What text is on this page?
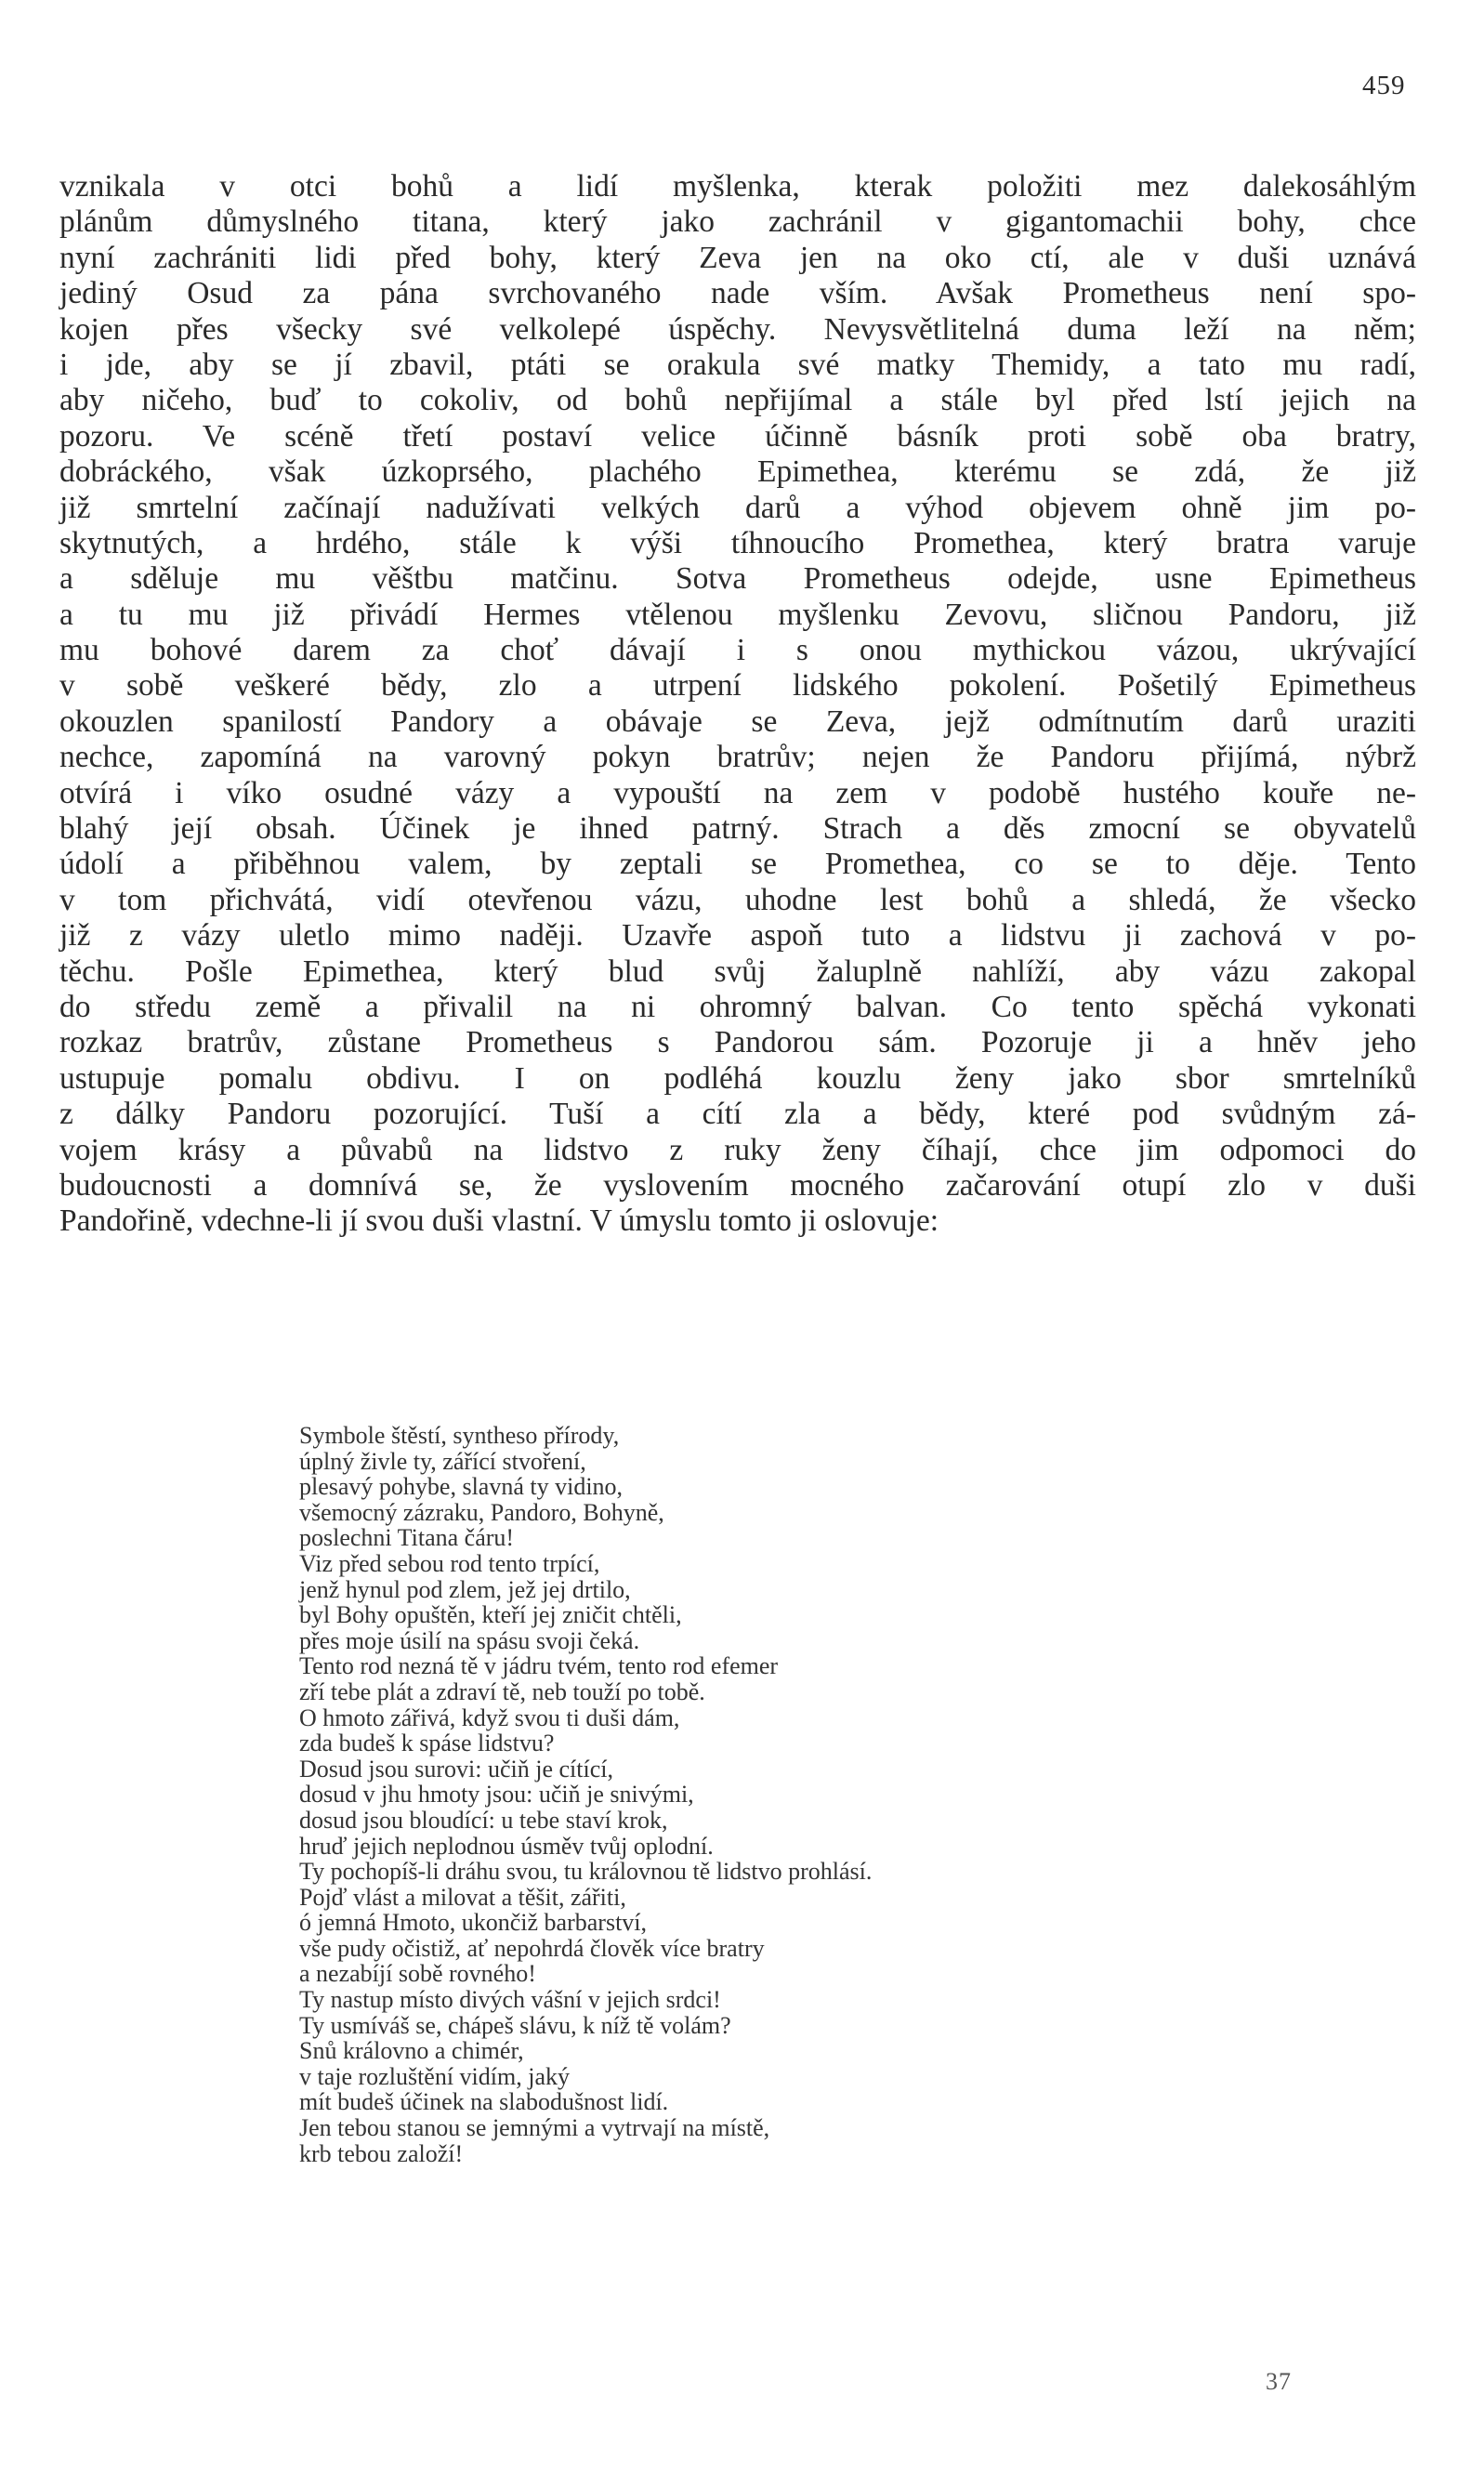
459
vznikala v otci bohů a lidí myšlenka, kterak položiti mez dalekosáhlým
plánům důmyslného titana, který jako zachránil v gigantomachii bohy, chce
nyní zachrániti lidi před bohy, který Zeva jen na oko ctí, ale v duši uznává
jediný Osud za pána svrchovaného nade vším. Avšak Prometheus není spo-
kojen přes všecky své velkolepé úspěchy. Nevysvětlitelná duma leží na něm;
i jde, aby se jí zbavil, ptáti se orakula své matky Themidy, a tato mu radí,
aby ničeho, buď to cokoliv, od bohů nepřijímal a stále byl před lstí jejich na
pozoru. Ve scéně třetí postaví velice účinně básník proti sobě oba bratry,
dobráckého, však úzkoprsého, plachého Epimethea, kterému se zdá, že již
již smrtelní začínají nadužívati velkých darů a výhod objevem ohně jim po-
skytnutých, a hrdého, stále k výši tíhnoucího Promethea, který bratra varuje
a sděluje mu věštbu matčinu. Sotva Prometheus odejde, usne Epimetheus
a tu mu již přivádí Hermes vtělenou myšlenku Zevovu, sličnou Pandoru, již
mu bohové darem za choť dávají i s onou mythickou vázou, ukrývající
v sobě veškeré bědy, zlo a utrpení lidského pokolení. Pošetilý Epimetheus
okouzlen spanilostí Pandory a obávaje se Zeva, jejž odmítnutím darů uraziti
nechce, zapomíná na varovný pokyn bratrův; nejen že Pandoru přijímá, nýbrž
otvírá i víko osudné vázy a vypouští na zem v podobě hustého kouře ne-
blahý její obsah. Účinek je ihned patrný. Strach a děs zmocní se obyvatelů
údolí a přiběhnou valem, by zeptali se Promethea, co se to děje. Tento
v tom přichvátá, vidí otevřenou vázu, uhodne lest bohů a shledá, že všecko
již z vázy uletlo mimo naději. Uzavře aspoň tuto a lidstvu ji zachová v po-
těchu. Pošle Epimethea, který blud svůj žaluplně nahlíží, aby vázu zakopal
do středu země a přivalil na ni ohromný balvan. Co tento spěchá vykonati
rozkaz bratrův, zůstane Prometheus s Pandorou sám. Pozoruje ji a hněv jeho
ustupuje pomalu obdivu. I on podléhá kouzlu ženy jako sbor smrtelníků
z dálky Pandoru pozorující. Tuší a cítí zla a bědy, které pod svůdným zá-
vojem krásy a půvabů na lidstvo z ruky ženy číhají, chce jim odpomoci do
budoucnosti a domnívá se, že vyslovením mocného začarování otupí zlo v duši
Pandořině, vdechne-li jí svou duši vlastní. V úmyslu tomto ji oslovuje:
Symbole štěstí, syntheso přírody,
úplný živle ty, zářící stvoření,
plesavý pohybe, slavná ty vidino,
všemocný zázraku, Pandoro, Bohyně,
poslechni Titana čáru!
Viz před sebou rod tento trpící,
jenž hynul pod zlem, jež jej drtilo,
byl Bohy opuštěn, kteří jej zničit chtěli,
přes moje úsilí na spásu svoji čeká.
Tento rod nezná tě v jádru tvém, tento rod efemer
zří tebe plát a zdraví tě, neb touží po tobě.
O hmoto zářivá, když svou ti duši dám,
zda budeš k spáse lidstvu?
Dosud jsou surovi: učiň je cítící,
dosud v jhu hmoty jsou: učiň je snivými,
dosud jsou bloudící: u tebe staví krok,
hruď jejich neplodnou úsměv tvůj oplodní.
Ty pochopíš-li dráhu svou, tu královnou tě lidstvo prohlásí.
Pojď vlást a milovat a těšit, zářiti,
ó jemná Hmoto, ukončiž barbarství,
vše pudy očistiž, ať nepohrdá člověk více bratry
a nezabíjí sobě rovného!
Ty nastup místo divých vášní v jejich srdci!
Ty usmíváš se, chápeš slávu, k níž tě volám?
Snů královno a chimér,
v taje rozluštění vidím, jaký
mít budeš účinek na slabodušnost lidí.
Jen tebou stanou se jemnými a vytrvají na místě,
krb tebou založí!
37
